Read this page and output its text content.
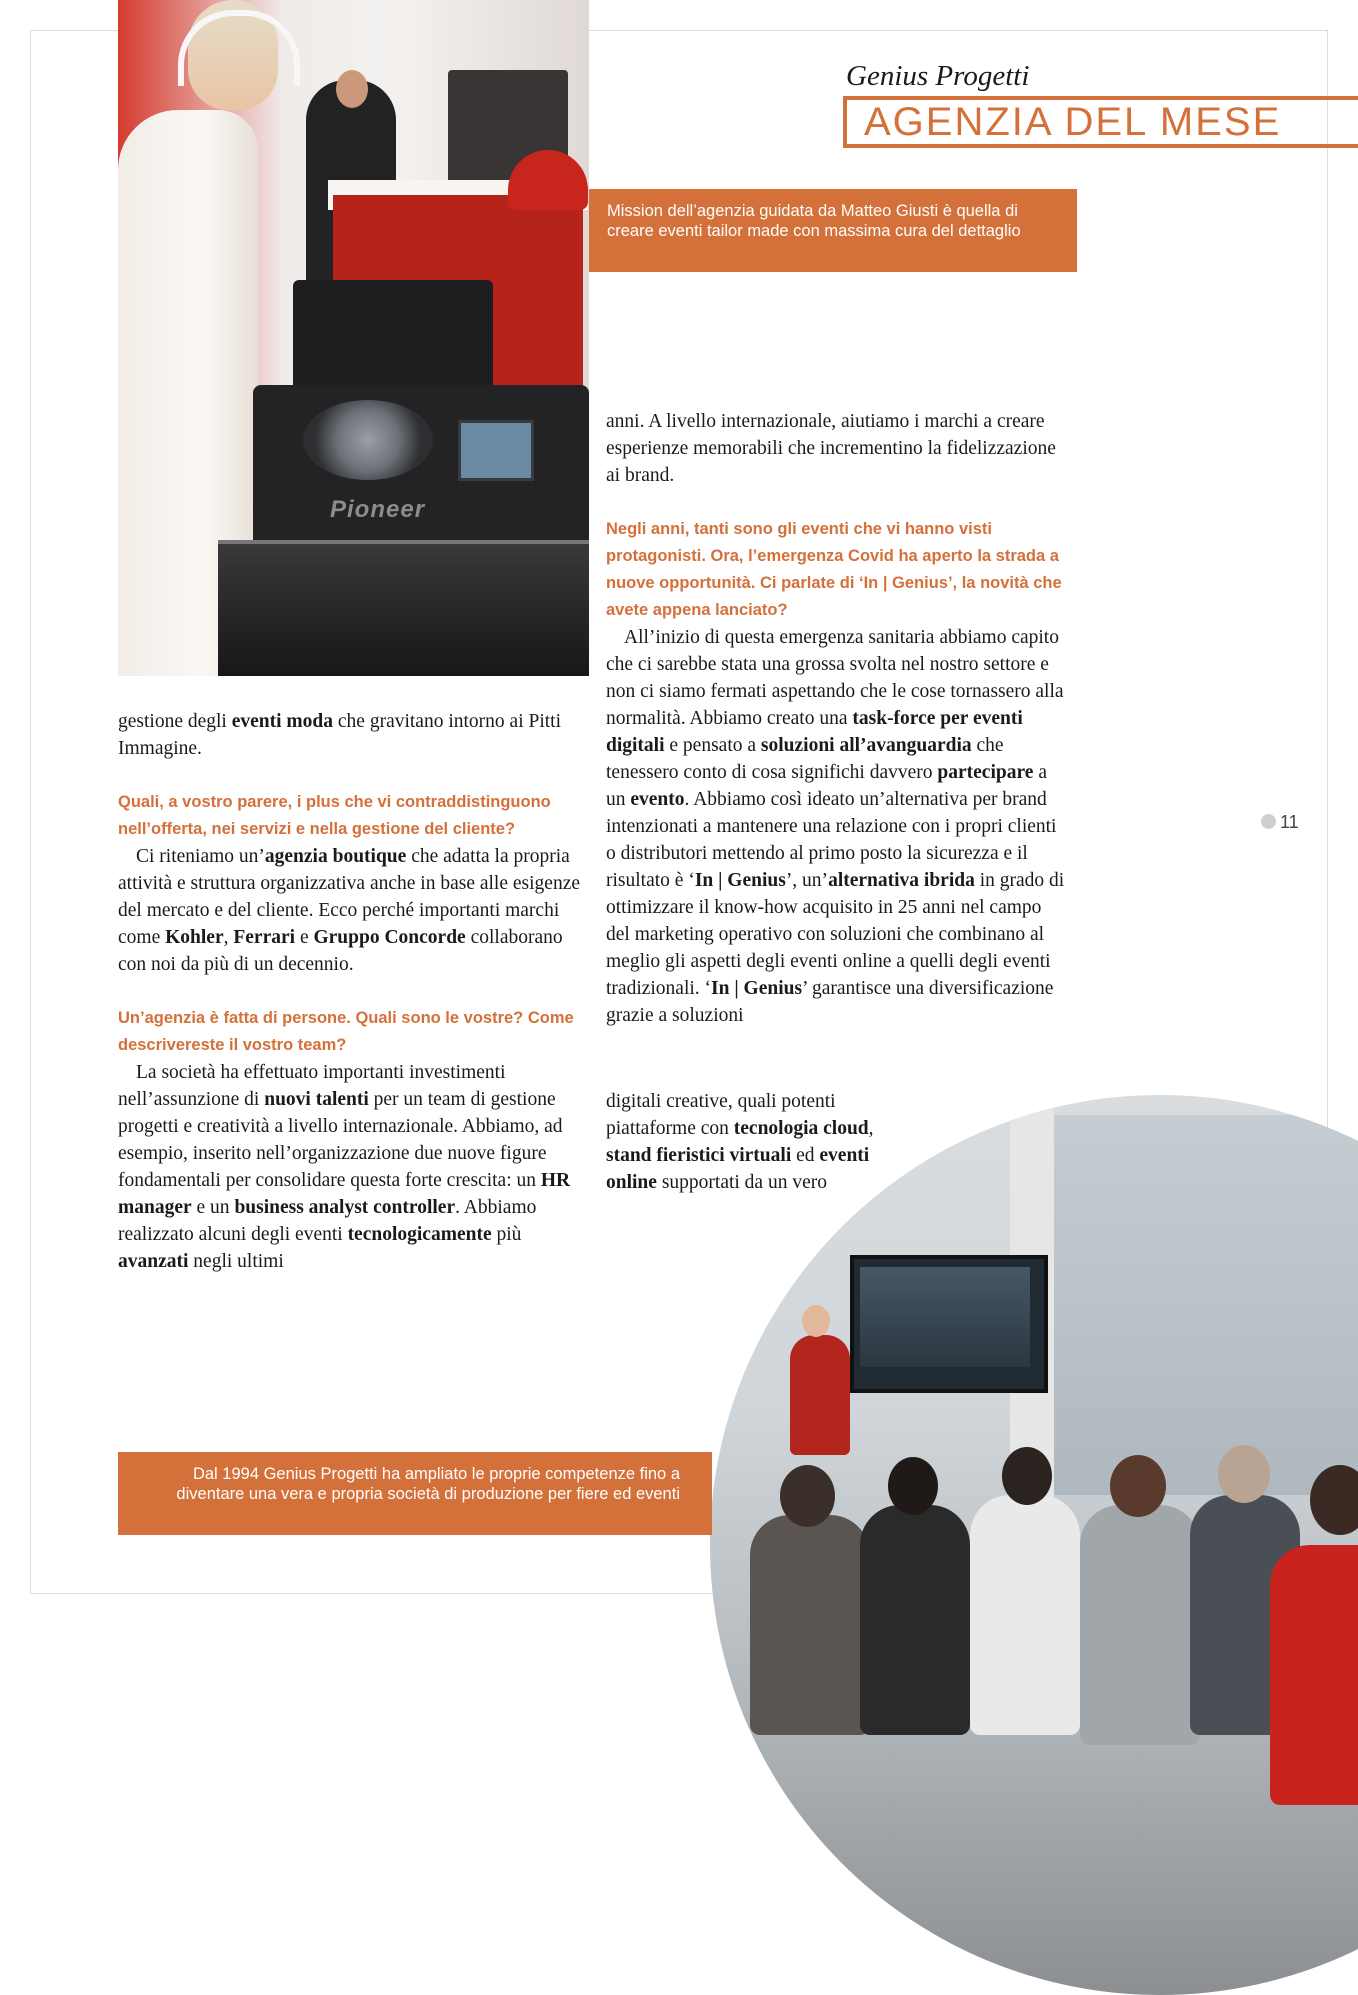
Pioneer
Genius Progetti
AGENZIA DEL MESE
Mission dell’agenzia guidata da Matteo Giusti è quella di creare eventi tailor made con massima cura del dettaglio

gestione degli eventi moda che gravitano intorno ai Pitti Immagine.

Quali, a vostro parere, i plus che vi contraddistinguono nell’offerta, nei servizi e nella gestione del cliente?

Ci riteniamo un’agenzia boutique che adatta la propria attività e struttura organizzativa anche in base alle esigenze del mercato e del cliente. Ecco perché importanti marchi come Kohler, Ferrari e Gruppo Concorde collaborano con noi da più di un decennio.

Un’agenzia è fatta di persone. Quali sono le vostre? Come descrivereste il vostro team?

La società ha effettuato importanti investimenti nell’assunzione di nuovi talenti per un team di gestione progetti e creatività a livello internazionale. Abbiamo, ad esempio, inserito nell’organizzazione due nuove figure fondamentali per consolidare questa forte crescita: un HR manager e un business analyst controller. Abbiamo realizzato alcuni degli eventi tecnologicamente più avanzati negli ultimi

anni. A livello internazionale, aiutiamo i marchi a creare esperienze memorabili che incrementino la fidelizzazione ai brand.

Negli anni, tanti sono gli eventi che vi hanno visti protagonisti. Ora, l’emergenza Covid ha aperto la strada a nuove opportunità. Ci parlate di ‘In | Genius’, la novità che avete appena lanciato?

All’inizio di questa emergenza sanitaria abbiamo capito che ci sarebbe stata una grossa svolta nel nostro settore e non ci siamo fermati aspettando che le cose tornassero alla normalità. Abbiamo creato una task-force per eventi digitali e pensato a soluzioni all’avanguardia che tenessero conto di cosa significhi davvero partecipare a un evento. Abbiamo così ideato un’alternativa per brand intenzionati a mantenere una relazione con i propri clienti o distributori mettendo al primo posto la sicurezza e il risultato è ‘In | Genius’, un’alternativa ibrida in grado di ottimizzare il know-how acquisito in 25 anni nel campo del marketing operativo con soluzioni che combinano al meglio gli aspetti degli eventi online a quelli degli eventi tradizionali. ‘In | Genius’ garantisce una diversificazione grazie a soluzioni

digitali creative, quali potenti piattaforme con tecnologia cloud, stand fieristici virtuali ed eventi online supportati da un vero

Dal 1994 Genius Progetti ha ampliato le proprie competenze fino a diventare una vera e propria società di produzione per fiere ed eventi
11
